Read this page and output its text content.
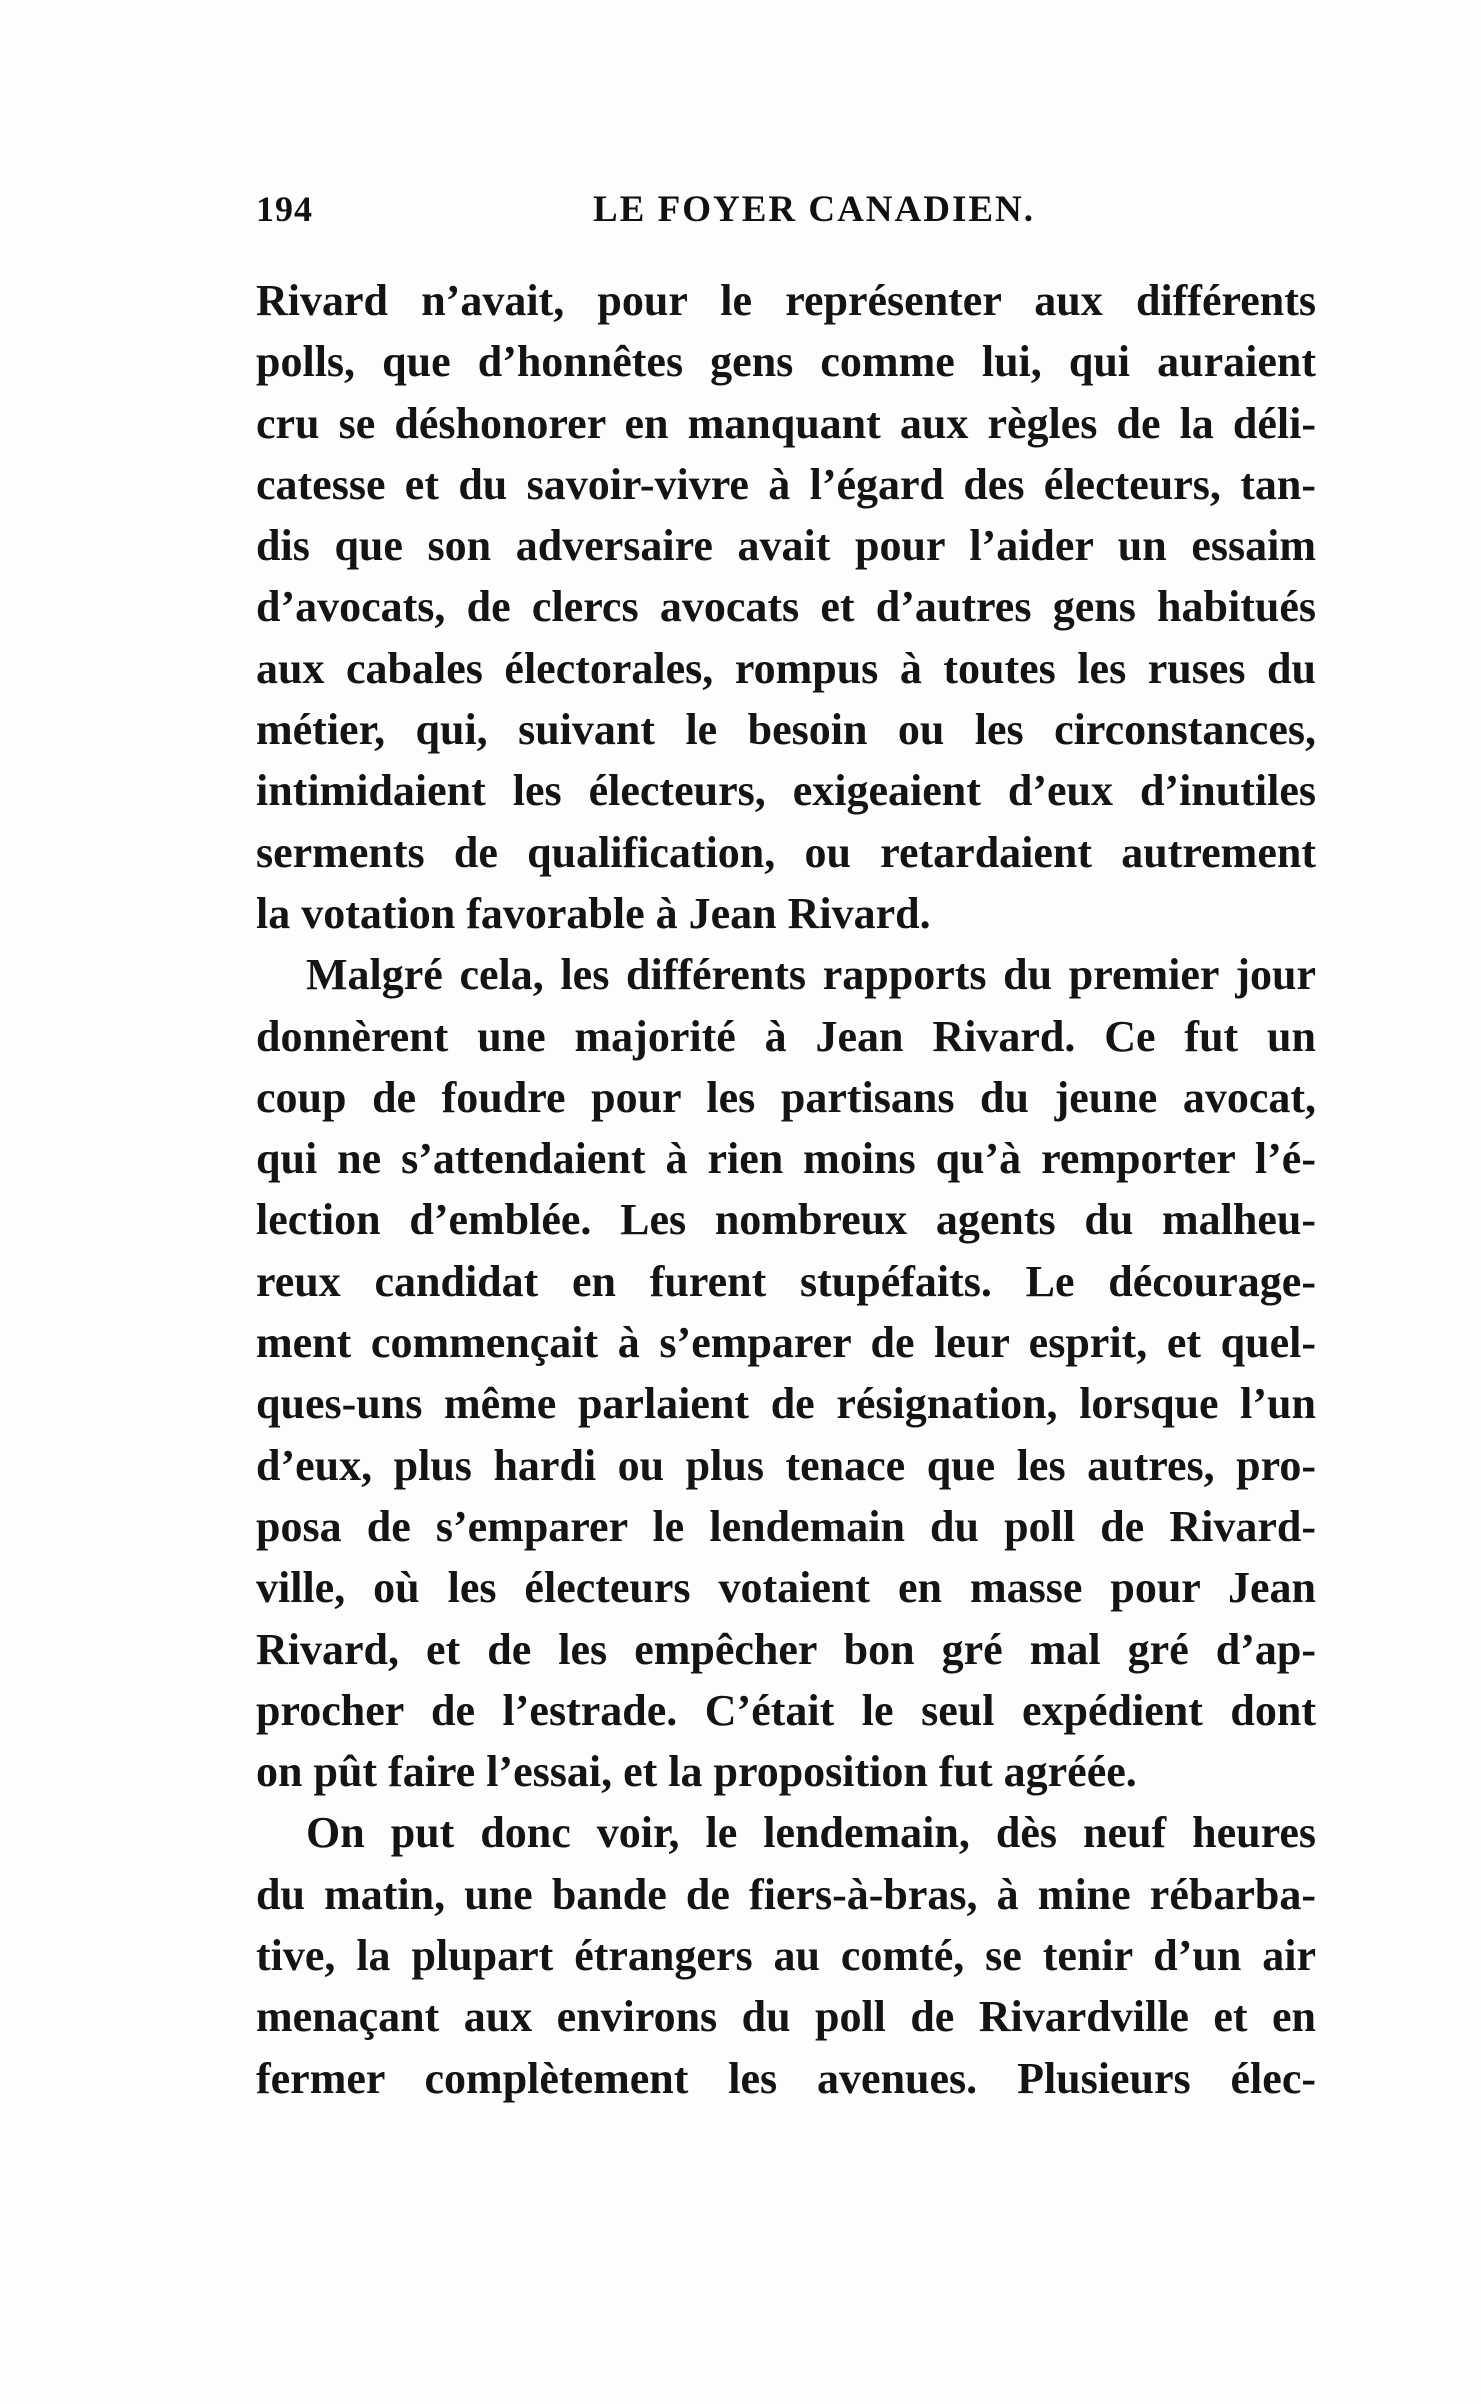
194	LE FOYER CANADIEN.
Rivard n’avait, pour le représenter aux différents
polls, que d’honnêtes gens comme lui, qui auraient
cru se déshonorer en manquant aux règles de la déli-
catesse et du savoir-vivre à l’égard des électeurs, tan-
dis que son adversaire avait pour l’aider un essaim
d’avocats, de clercs avocats et d’autres gens habitués
aux cabales électorales, rompus à toutes les ruses du
métier, qui, suivant le besoin ou les circonstances,
intimidaient les électeurs, exigeaient d’eux d’inutiles
serments de qualification, ou retardaient autrement
la votation favorable à Jean Rivard.
Malgré cela, les différents rapports du premier jour
donnèrent une majorité à Jean Rivard. Ce fut un
coup de foudre pour les partisans du jeune avocat,
qui ne s’attendaient à rien moins qu’à remporter l’é-
lection d’emblée. Les nombreux agents du malheu-
reux candidat en furent stupéfaits. Le décourage-
ment commençait à s’emparer de leur esprit, et quel-
ques-uns même parlaient de résignation, lorsque l’un
d’eux, plus hardi ou plus tenace que les autres, pro-
posa de s’emparer le lendemain du poll de Rivard-
ville, où les électeurs votaient en masse pour Jean
Rivard, et de les empêcher bon gré mal gré d’ap-
procher de l’estrade. C’était le seul expédient dont
on pût faire l’essai, et la proposition fut agréée.
On put donc voir, le lendemain, dès neuf heures
du matin, une bande de fiers-à-bras, à mine rébarba-
tive, la plupart étrangers au comté, se tenir d’un air
menaçant aux environs du poll de Rivardville et en
fermer complètement les avenues. Plusieurs élec-
